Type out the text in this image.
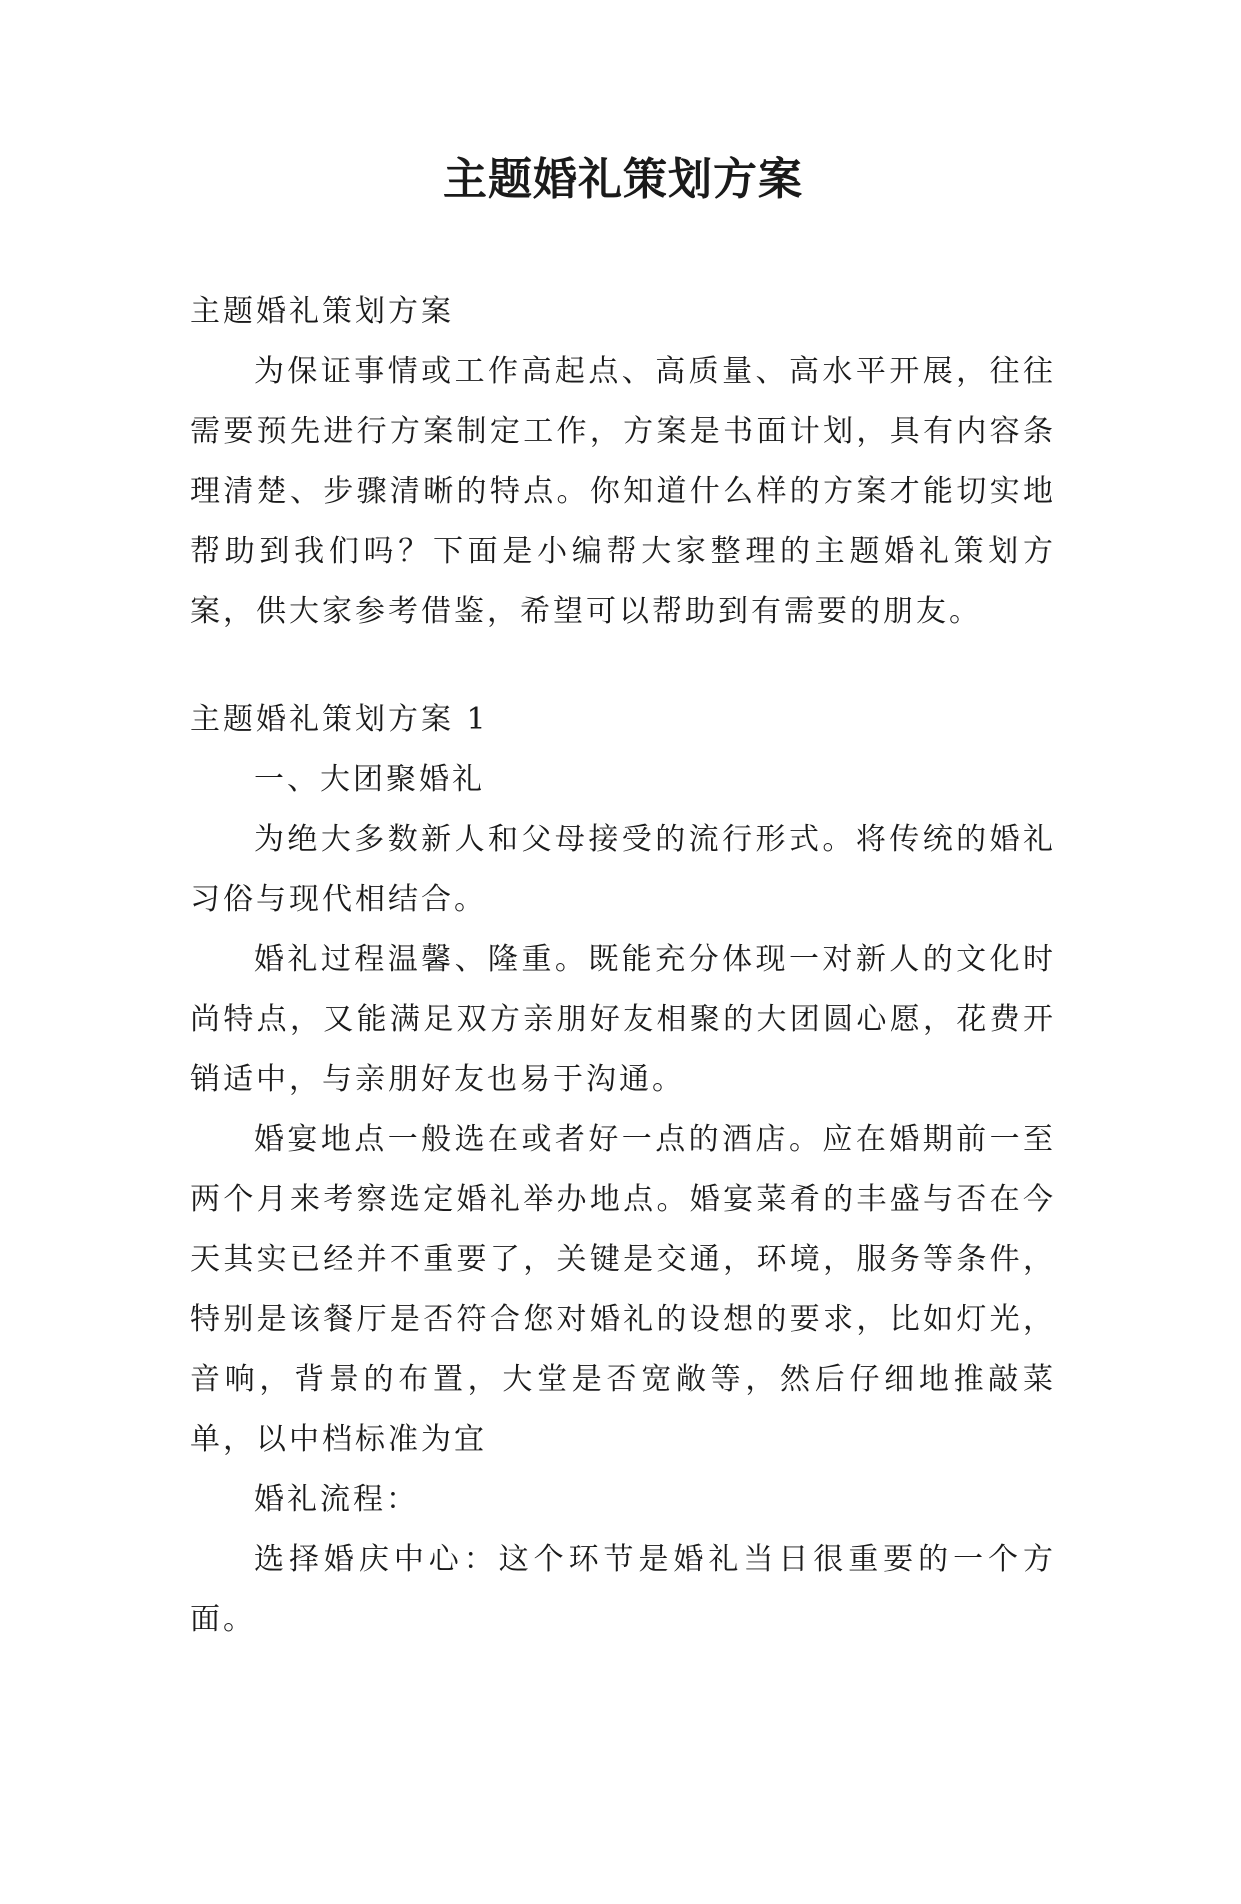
主题婚礼策划方案

主题婚礼策划方案

为保证事情或工作高起点、高质量、高水平开展，往往需要预先进行方案制定工作，方案是书面计划，具有内容条理清楚、步骤清晰的特点。你知道什么样的方案才能切实地帮助到我们吗？下面是小编帮大家整理的主题婚礼策划方案，供大家参考借鉴，希望可以帮助到有需要的朋友。

主题婚礼策划方案 1

一、大团聚婚礼

为绝大多数新人和父母接受的流行形式。将传统的婚礼习俗与现代相结合。

婚礼过程温馨、隆重。既能充分体现一对新人的文化时尚特点，又能满足双方亲朋好友相聚的大团圆心愿，花费开销适中，与亲朋好友也易于沟通。

婚宴地点一般选在或者好一点的酒店。应在婚期前一至两个月来考察选定婚礼举办地点。婚宴菜肴的丰盛与否在今天其实已经并不重要了，关键是交通，环境，服务等条件，特别是该餐厅是否符合您对婚礼的设想的要求，比如灯光，音响，背景的布置，大堂是否宽敞等，然后仔细地推敲菜单，以中档标准为宜

婚礼流程：

选择婚庆中心：这个环节是婚礼当日很重要的一个方面。
